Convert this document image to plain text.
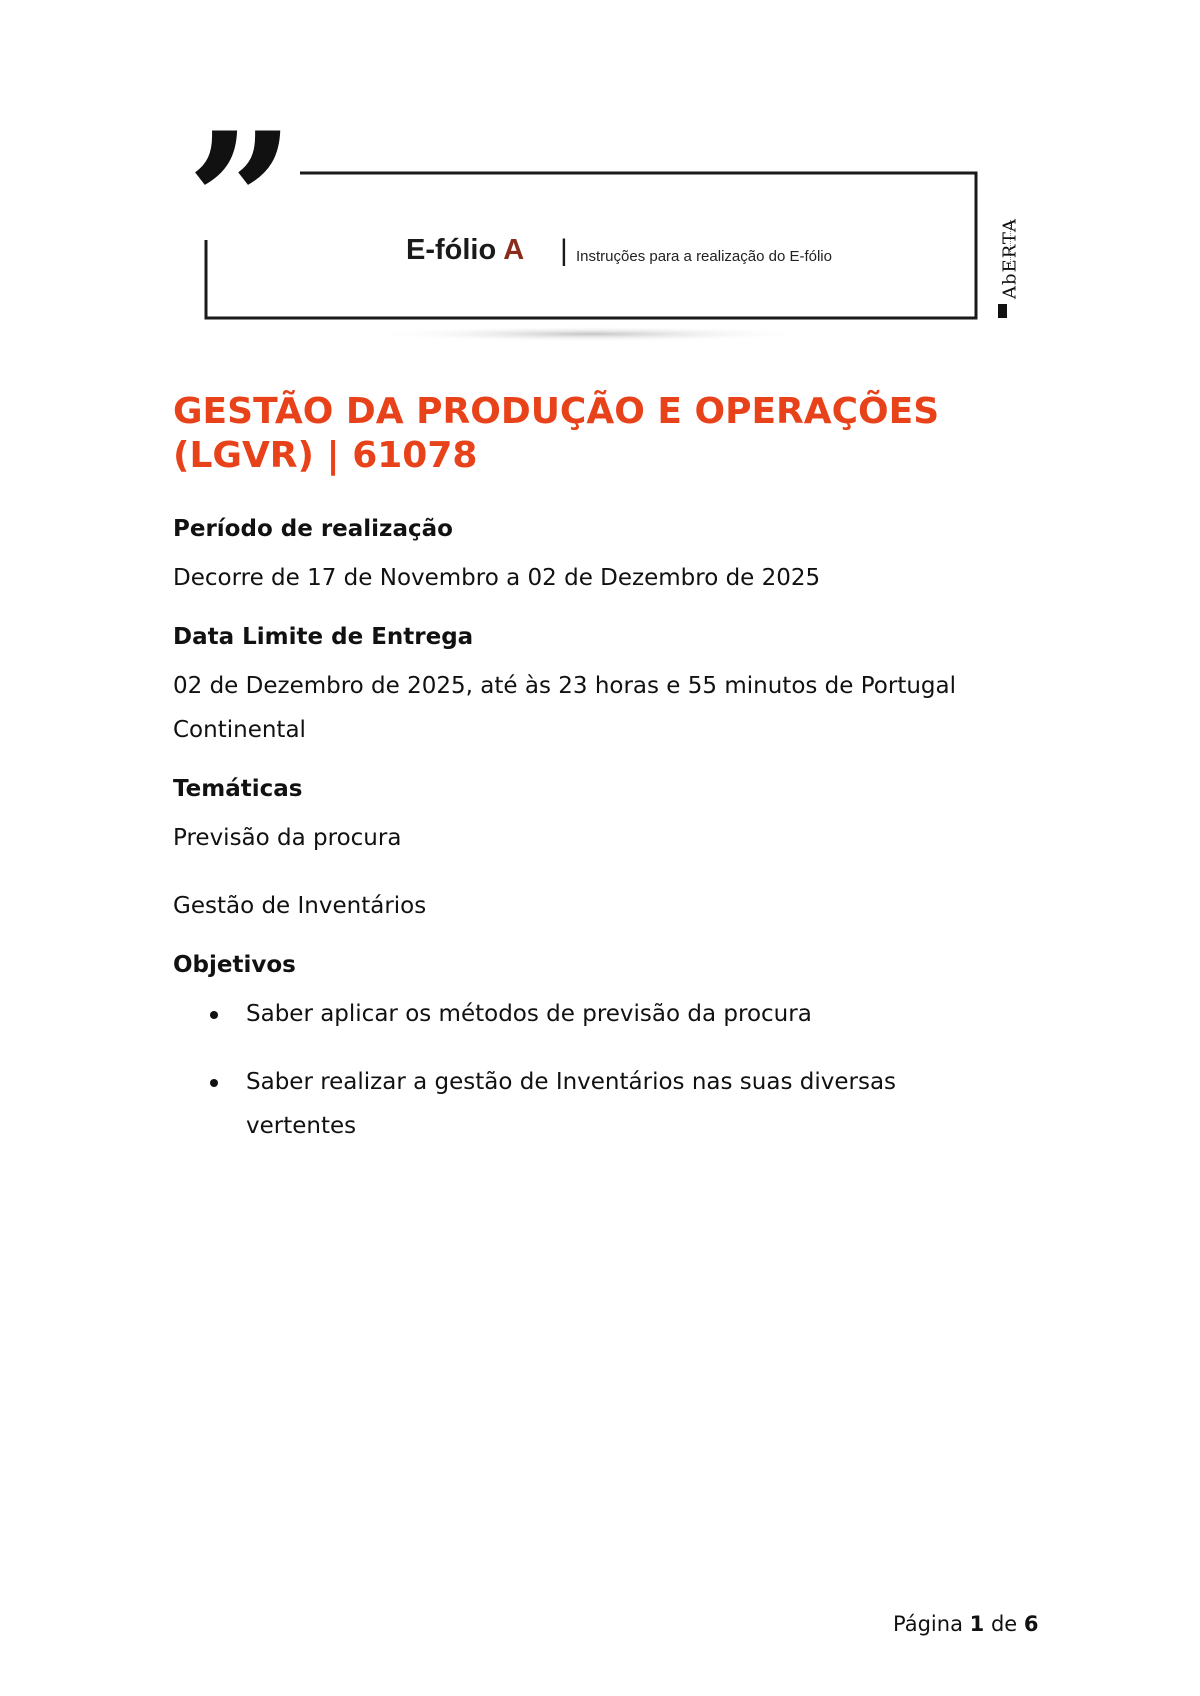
”	E-fólio A | Instruções para a realização do E-fólio	AbERTA
GESTÃO DA PRODUÇÃO E OPERAÇÕES
(LGVR) | 61078
Período de realização
Decorre de 17 de Novembro a 02 de Dezembro de 2025
Data Limite de Entrega
02 de Dezembro de 2025, até às 23 horas e 55 minutos de Portugal
Continental
Temáticas
Previsão da procura
Gestão de Inventários
Objetivos
Saber aplicar os métodos de previsão da procura
Saber realizar a gestão de Inventários nas suas diversas
vertentes
Página 1 de 6
